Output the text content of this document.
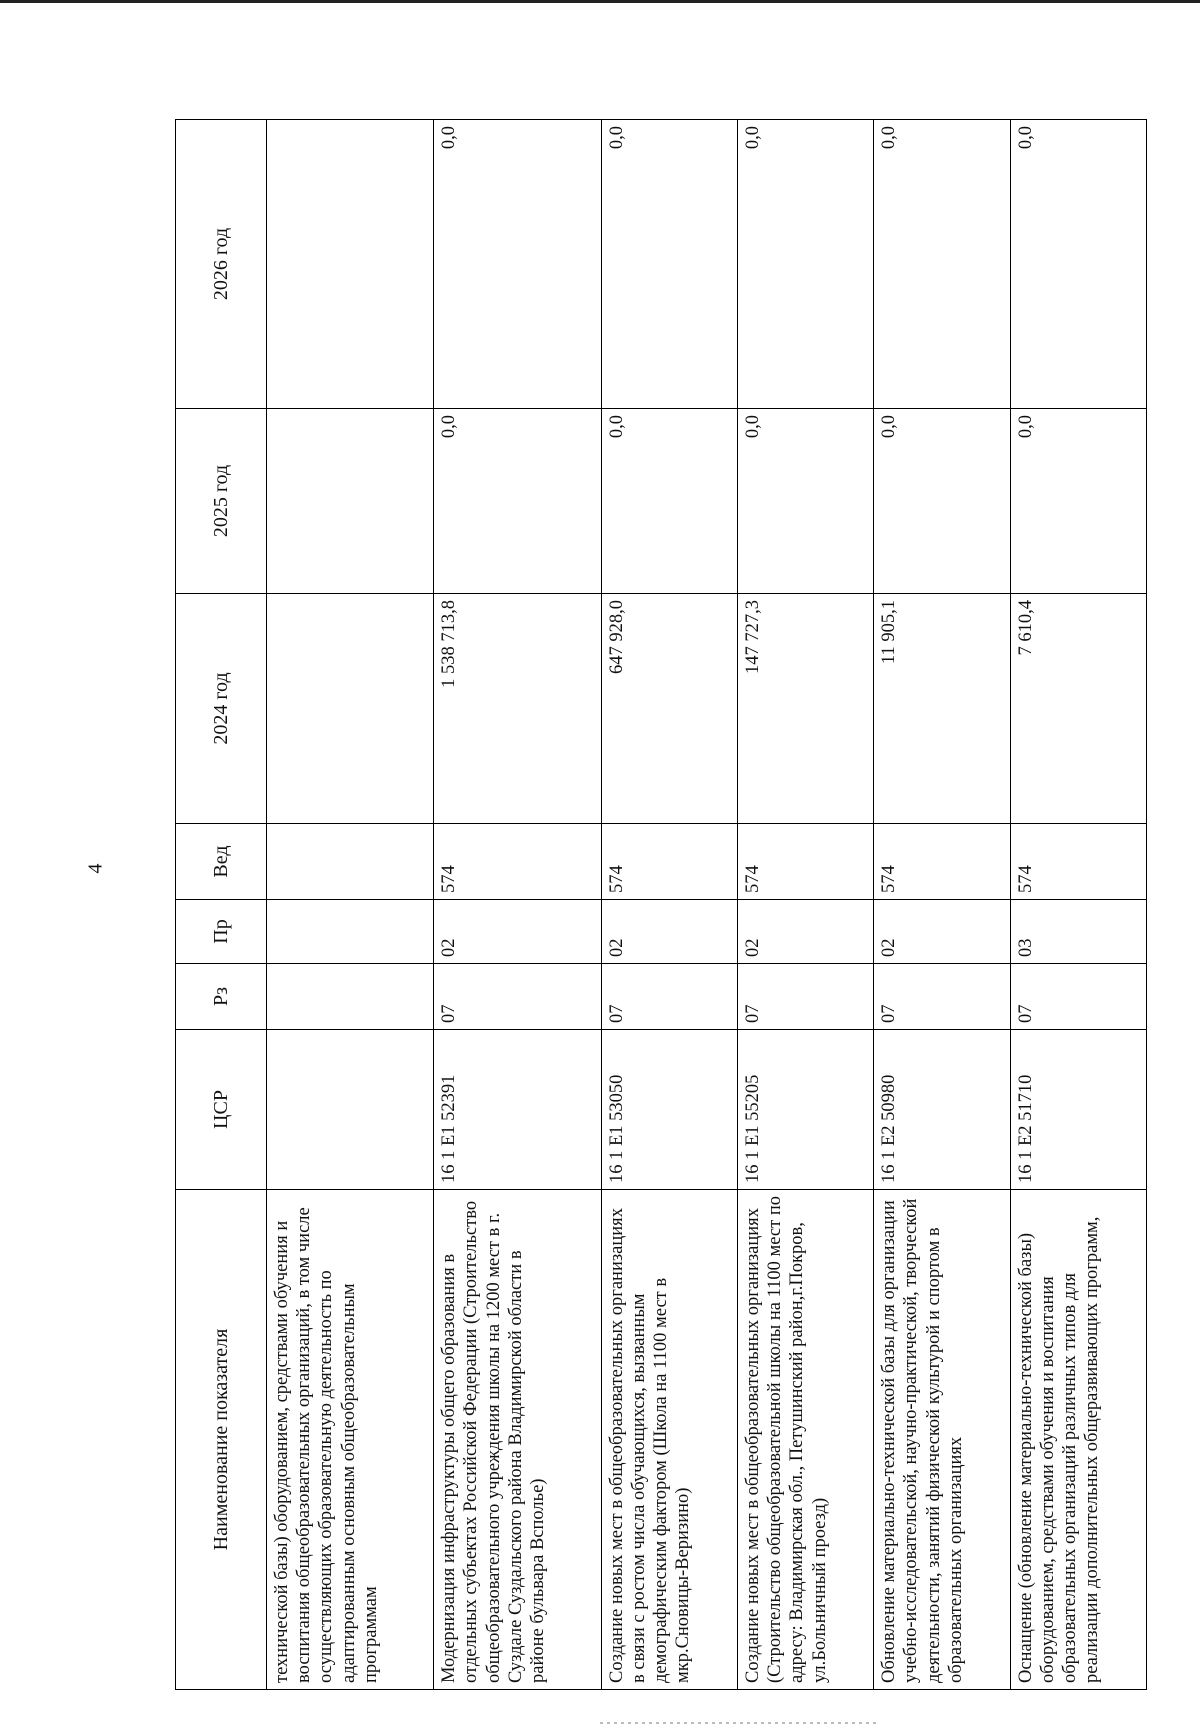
4
Наименование показателя	ЦСР	Рз	Пр	Вед	2024 год	2025 год	2026 год
технической базы) оборудованием, средствами обучения и воспитания общеобразовательных организаций, в том числе осуществляющих образовательную деятельность по адаптированным основным общеобразовательным программам							
Модернизация инфраструктуры общего образования в отдельных субъектах Российской Федерации (Строительство общеобразовательного учреждения школы на 1200 мест в г. Суздале Суздальского района Владимирской области в районе бульвара Всполье)	16 1 E1 52391	07	02	574	1 538 713,8	0,0	0,0
Создание новых мест в общеобразовательных организациях в связи с ростом числа обучающихся, вызванным демографическим фактором (Школа на 1100 мест в мкр.Сновицы-Веризино)	16 1 E1 53050	07	02	574	647 928,0	0,0	0,0
Создание новых мест в общеобразовательных организациях (Строительство общеобразовательной школы на 1100 мест по адресу: Владимирская обл., Петушинский район,г.Покров, ул.Больничный проезд)	16 1 E1 55205	07	02	574	147 727,3	0,0	0,0
Обновление материально-технической базы для организации учебно-исследовательской, научно-практической, творческой деятельности, занятий физической культурой и спортом в образовательных организациях	16 1 E2 50980	07	02	574	11 905,1	0,0	0,0
Оснащение (обновление материально-технической базы) оборудованием, средствами обучения и воспитания образовательных организаций различных типов для реализации дополнительных общеразвивающих программ,	16 1 E2 51710	07	03	574	7 610,4	0,0	0,0
